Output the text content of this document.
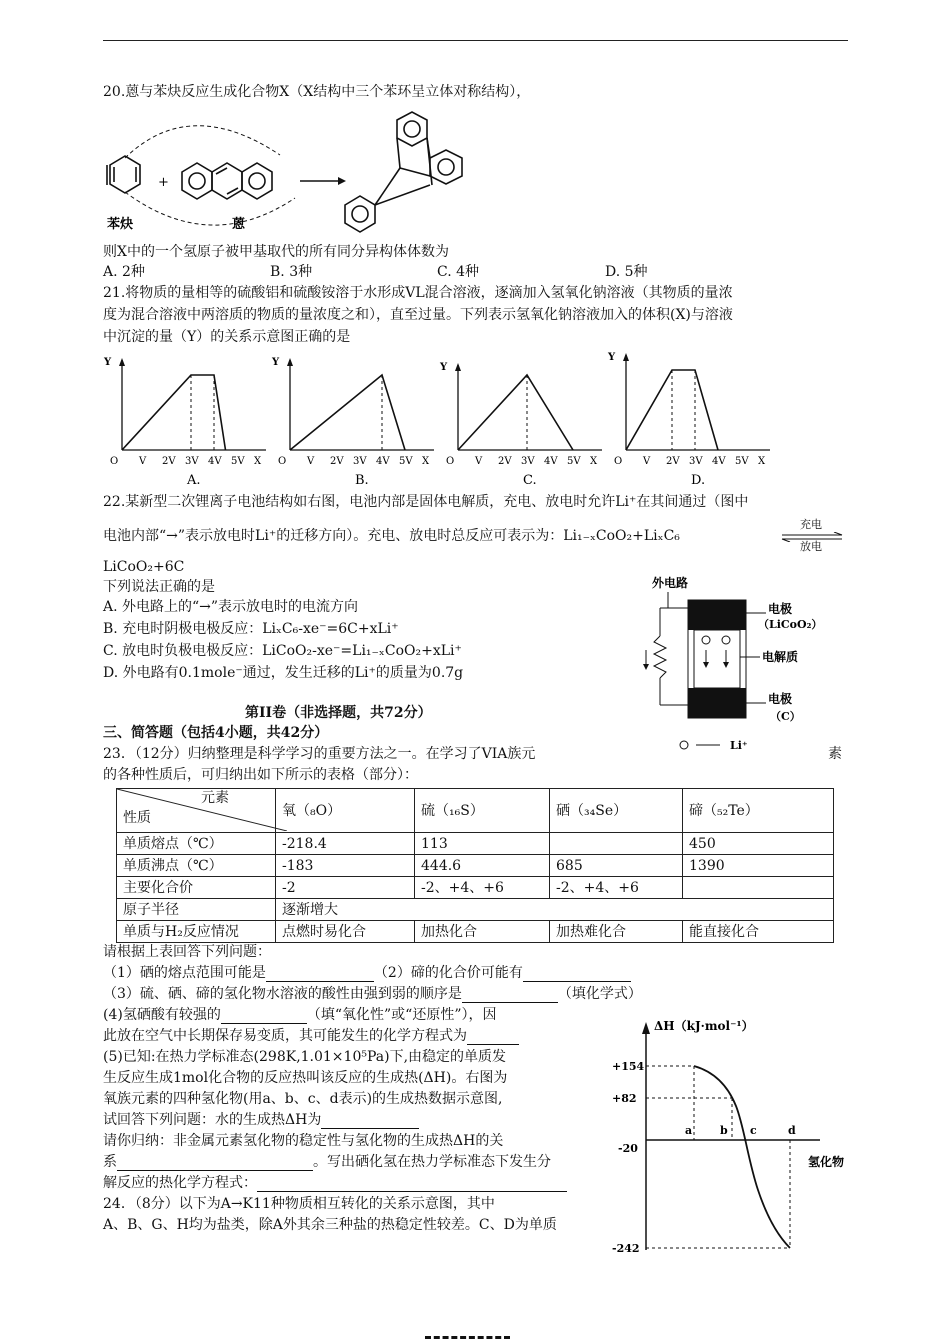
20.蒽与苯炔反应生成化合物X（X结构中三个苯环呈立体对称结构），
+
苯炔	蒽
则X中的一个氢原子被甲基取代的所有同分异构体体数为
A. 2种	B. 3种	C. 4种	D. 5种
21.将物质的量相等的硫酸铝和硫酸铵溶于水形成VL混合溶液，逐滴加入氢氧化钠溶液（其物质的量浓
度为混合溶液中两溶质的物质的量浓度之和），直至过量。下列表示氢氧化钠溶液加入的体积(X)与溶液
中沉淀的量（Y）的关系示意图正确的是
Y
O V 2V 3V 4V 5V X
A.
Y
O V 2V 3V 4V 5V X
B.
Y
O V 2V 3V 4V 5V X
C.
Y
O V 2V 3V 4V 5V X
D.
22.某新型二次锂离子电池结构如右图，电池内部是固体电解质，充电、放电时允许Li⁺在其间通过（图中
电池内部“→”表示放电时Li⁺的迁移方向）。充电、放电时总反应可表示为：Li₁₋ₓCoO₂+LiₓC₆
充电
放电
LiCoO₂+6C
下列说法正确的是
A. 外电路上的“→”表示放电时的电流方向
B. 充电时阴极电极反应：LiₓC₆-xe⁻=6C+xLi⁺
C. 放电时负极电极反应：LiCoO₂-xe⁻=Li₁₋ₓCoO₂+xLi⁺
D. 外电路有0.1mole⁻通过，发生迁移的Li⁺的质量为0.7g
外电路
电极
（LiCoO₂）
电解质
电极
（C）
Li⁺
第II卷（非选择题，共72分）
三、简答题（包括4小题，共42分）
23．（12分）归纳整理是科学学习的重要方法之一。在学习了VIA族元	素
的各种性质后，可归纳出如下所示的表格（部分）：
元素
性质	氧（₈O）	硫（₁₆S）	硒（₃₄Se）	碲（₅₂Te）
单质熔点（℃）	-218.4	113		450
单质沸点（℃）	-183	444.6	685	1390
主要化合价	-2	-2、+4、+6	-2、+4、+6	
原子半径	逐渐增大			
单质与H₂反应情况	点燃时易化合	加热化合	加热难化合	能直接化合
请根据上表回答下列问题：
（1）硒的熔点范围可能是	（2）碲的化合价可能有
（3）硫、硒、碲的氢化物水溶液的酸性由强到弱的顺序是	（填化学式）
(4)氢硒酸有较强的	（填“氧化性”或“还原性”），因
此放在空气中长期保存易变质，其可能发生的化学方程式为
(5)已知:在热力学标准态(298K,1.01×10⁵Pa)下,由稳定的单质发
生反应生成1mol化合物的反应热叫该反应的生成热(ΔH)。右图为
氧族元素的四种氢化物(用a、b、c、d表示)的生成热数据示意图,
试回答下列问题：水的生成热ΔH为
请你归纳：非金属元素氢化物的稳定性与氢化物的生成热ΔH的关
系	。写出硒化氢在热力学标准态下发生分
解反应的热化学方程式：
ΔH（kJ·mol⁻¹）
氢化物
+154
+82
-20
-242
a	b c	d
24．（8分）以下为A→K11种物质相互转化的关系示意图，其中
A、B、G、H均为盐类，除A外其余三种盐的热稳定性较差。C、D为单质
